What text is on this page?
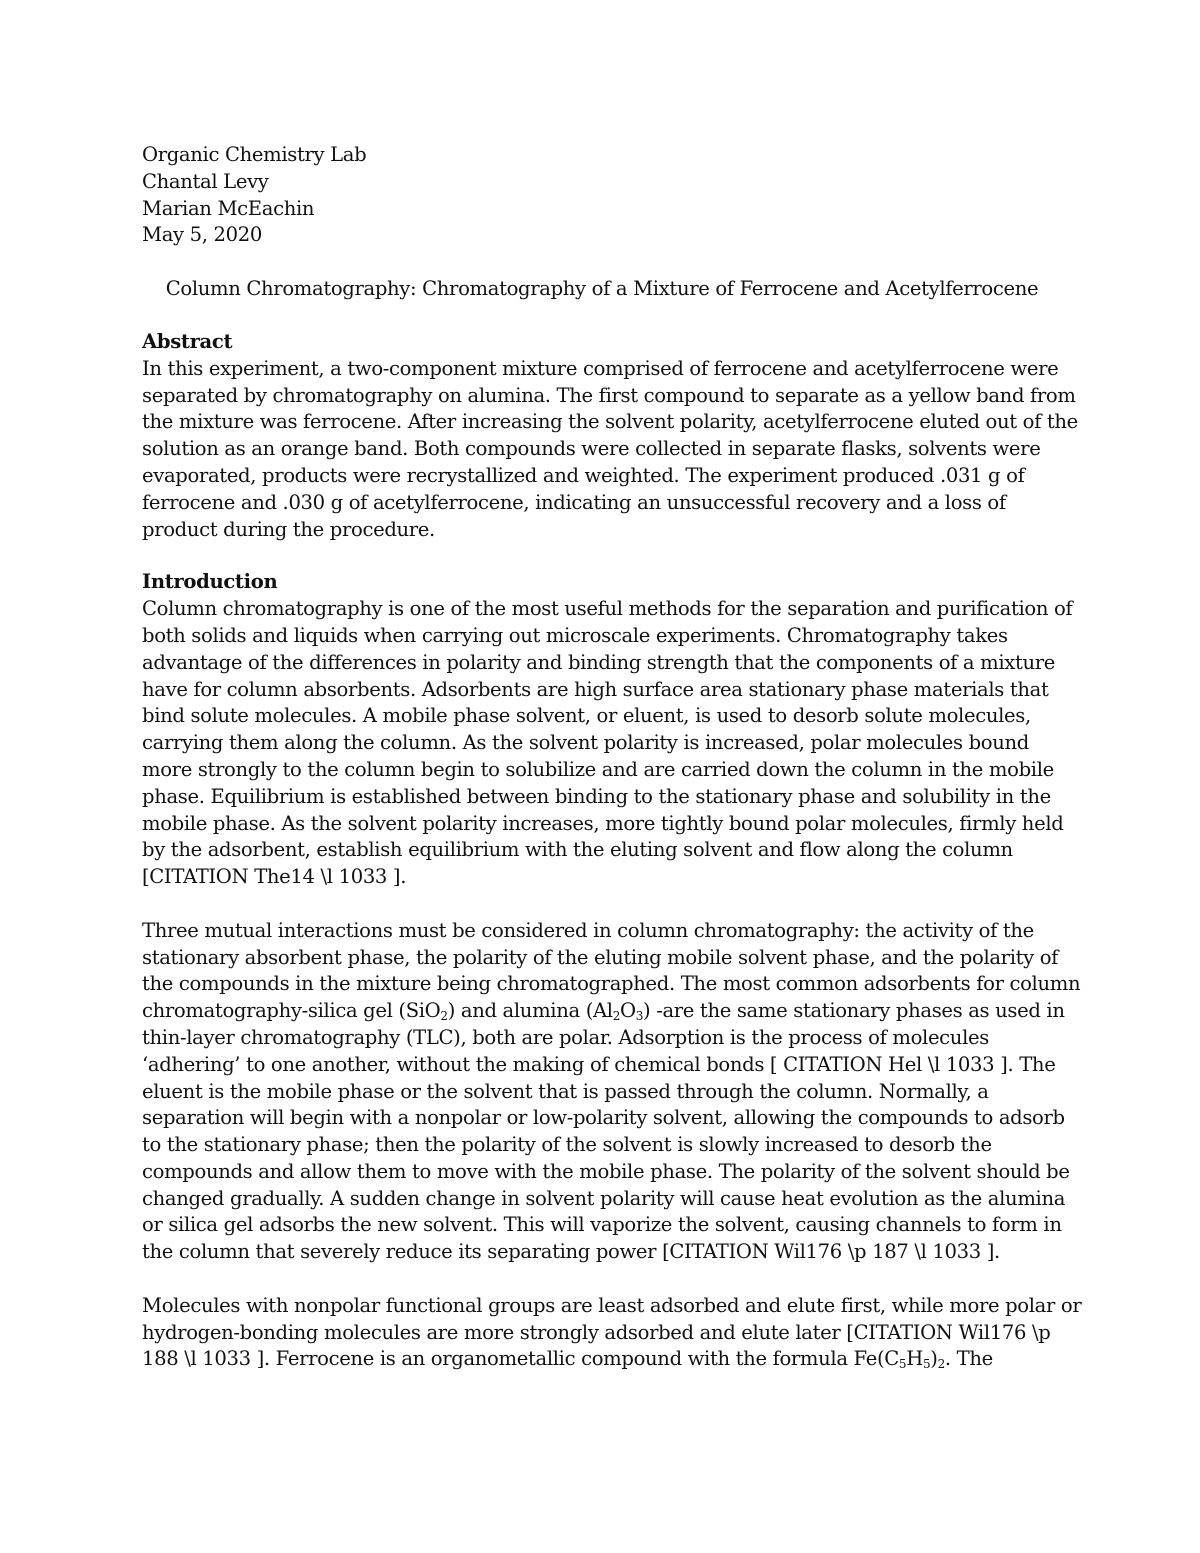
Organic Chemistry Lab
Chantal Levy
Marian McEachin
May 5, 2020
Column Chromatography: Chromatography of a Mixture of Ferrocene and Acetylferrocene
Abstract
In this experiment, a two-component mixture comprised of ferrocene and acetylferrocene were
separated by chromatography on alumina. The first compound to separate as a yellow band from
the mixture was ferrocene. After increasing the solvent polarity, acetylferrocene eluted out of the
solution as an orange band. Both compounds were collected in separate flasks, solvents were
evaporated, products were recrystallized and weighted. The experiment produced .031 g of
ferrocene and .030 g of acetylferrocene, indicating an unsuccessful recovery and a loss of
product during the procedure.
Introduction
Column chromatography is one of the most useful methods for the separation and purification of
both solids and liquids when carrying out microscale experiments. Chromatography takes
advantage of the differences in polarity and binding strength that the components of a mixture
have for column absorbents. Adsorbents are high surface area stationary phase materials that
bind solute molecules. A mobile phase solvent, or eluent, is used to desorb solute molecules,
carrying them along the column. As the solvent polarity is increased, polar molecules bound
more strongly to the column begin to solubilize and are carried down the column in the mobile
phase. Equilibrium is established between binding to the stationary phase and solubility in the
mobile phase. As the solvent polarity increases, more tightly bound polar molecules, firmly held
by the adsorbent, establish equilibrium with the eluting solvent and flow along the column
[CITATION The14 \l 1033 ].
Three mutual interactions must be considered in column chromatography: the activity of the
stationary absorbent phase, the polarity of the eluting mobile solvent phase, and the polarity of
the compounds in the mixture being chromatographed. The most common adsorbents for column
chromatography-silica gel (SiO$_2$) and alumina $(Al_2O_3)$ -are the same stationary phases as used in
thin-layer chromatography (TLC), both are polar. Adsorption is the process of molecules
‘adhering’ to one another, without the making of chemical bonds [ CITATION Hel \l 1033 ]. The
eluent is the mobile phase or the solvent that is passed through the column. Normally, a
separation will begin with a nonpolar or low-polarity solvent, allowing the compounds to adsorb
to the stationary phase; then the polarity of the solvent is slowly increased to desorb the
compounds and allow them to move with the mobile phase. The polarity of the solvent should be
changed gradually. A sudden change in solvent polarity will cause heat evolution as the alumina
or silica gel adsorbs the new solvent. This will vaporize the solvent, causing channels to form in
the column that severely reduce its separating power [CITATION Wil176 \p 187 \l 1033 ].
Molecules with nonpolar functional groups are least adsorbed and elute first, while more polar or
hydrogen-bonding molecules are more strongly adsorbed and elute later [CITATION Wil176 \p
188 \l 1033 ]. Ferrocene is an organometallic compound with the formula $Fe(C_5H_5)_2$. The
